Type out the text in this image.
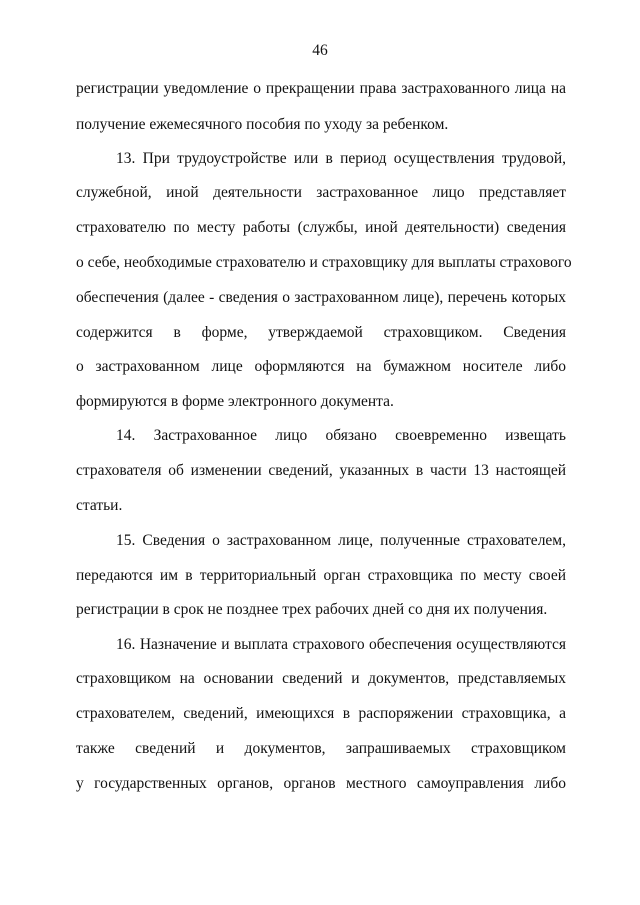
46
регистрации уведомление о прекращении права застрахованного лица на
получение ежемесячного пособия по уходу за ребенком.
13. При трудоустройстве или в период осуществления трудовой,
служебной, иной деятельности застрахованное лицо представляет
страхователю по месту работы (службы, иной деятельности) сведения
о себе, необходимые страхователю и страховщику для выплаты страхового
обеспечения (далее - сведения о застрахованном лице), перечень которых
содержится в форме, утверждаемой страховщиком. Сведения
о застрахованном лице оформляются на бумажном носителе либо
формируются в форме электронного документа.
14. Застрахованное лицо обязано своевременно извещать
страхователя об изменении сведений, указанных в части 13 настоящей
статьи.
15. Сведения о застрахованном лице, полученные страхователем,
передаются им в территориальный орган страховщика по месту своей
регистрации в срок не позднее трех рабочих дней со дня их получения.
16. Назначение и выплата страхового обеспечения осуществляются
страховщиком на основании сведений и документов, представляемых
страхователем, сведений, имеющихся в распоряжении страховщика, а
также сведений и документов, запрашиваемых страховщиком
у государственных органов, органов местного самоуправления либо
